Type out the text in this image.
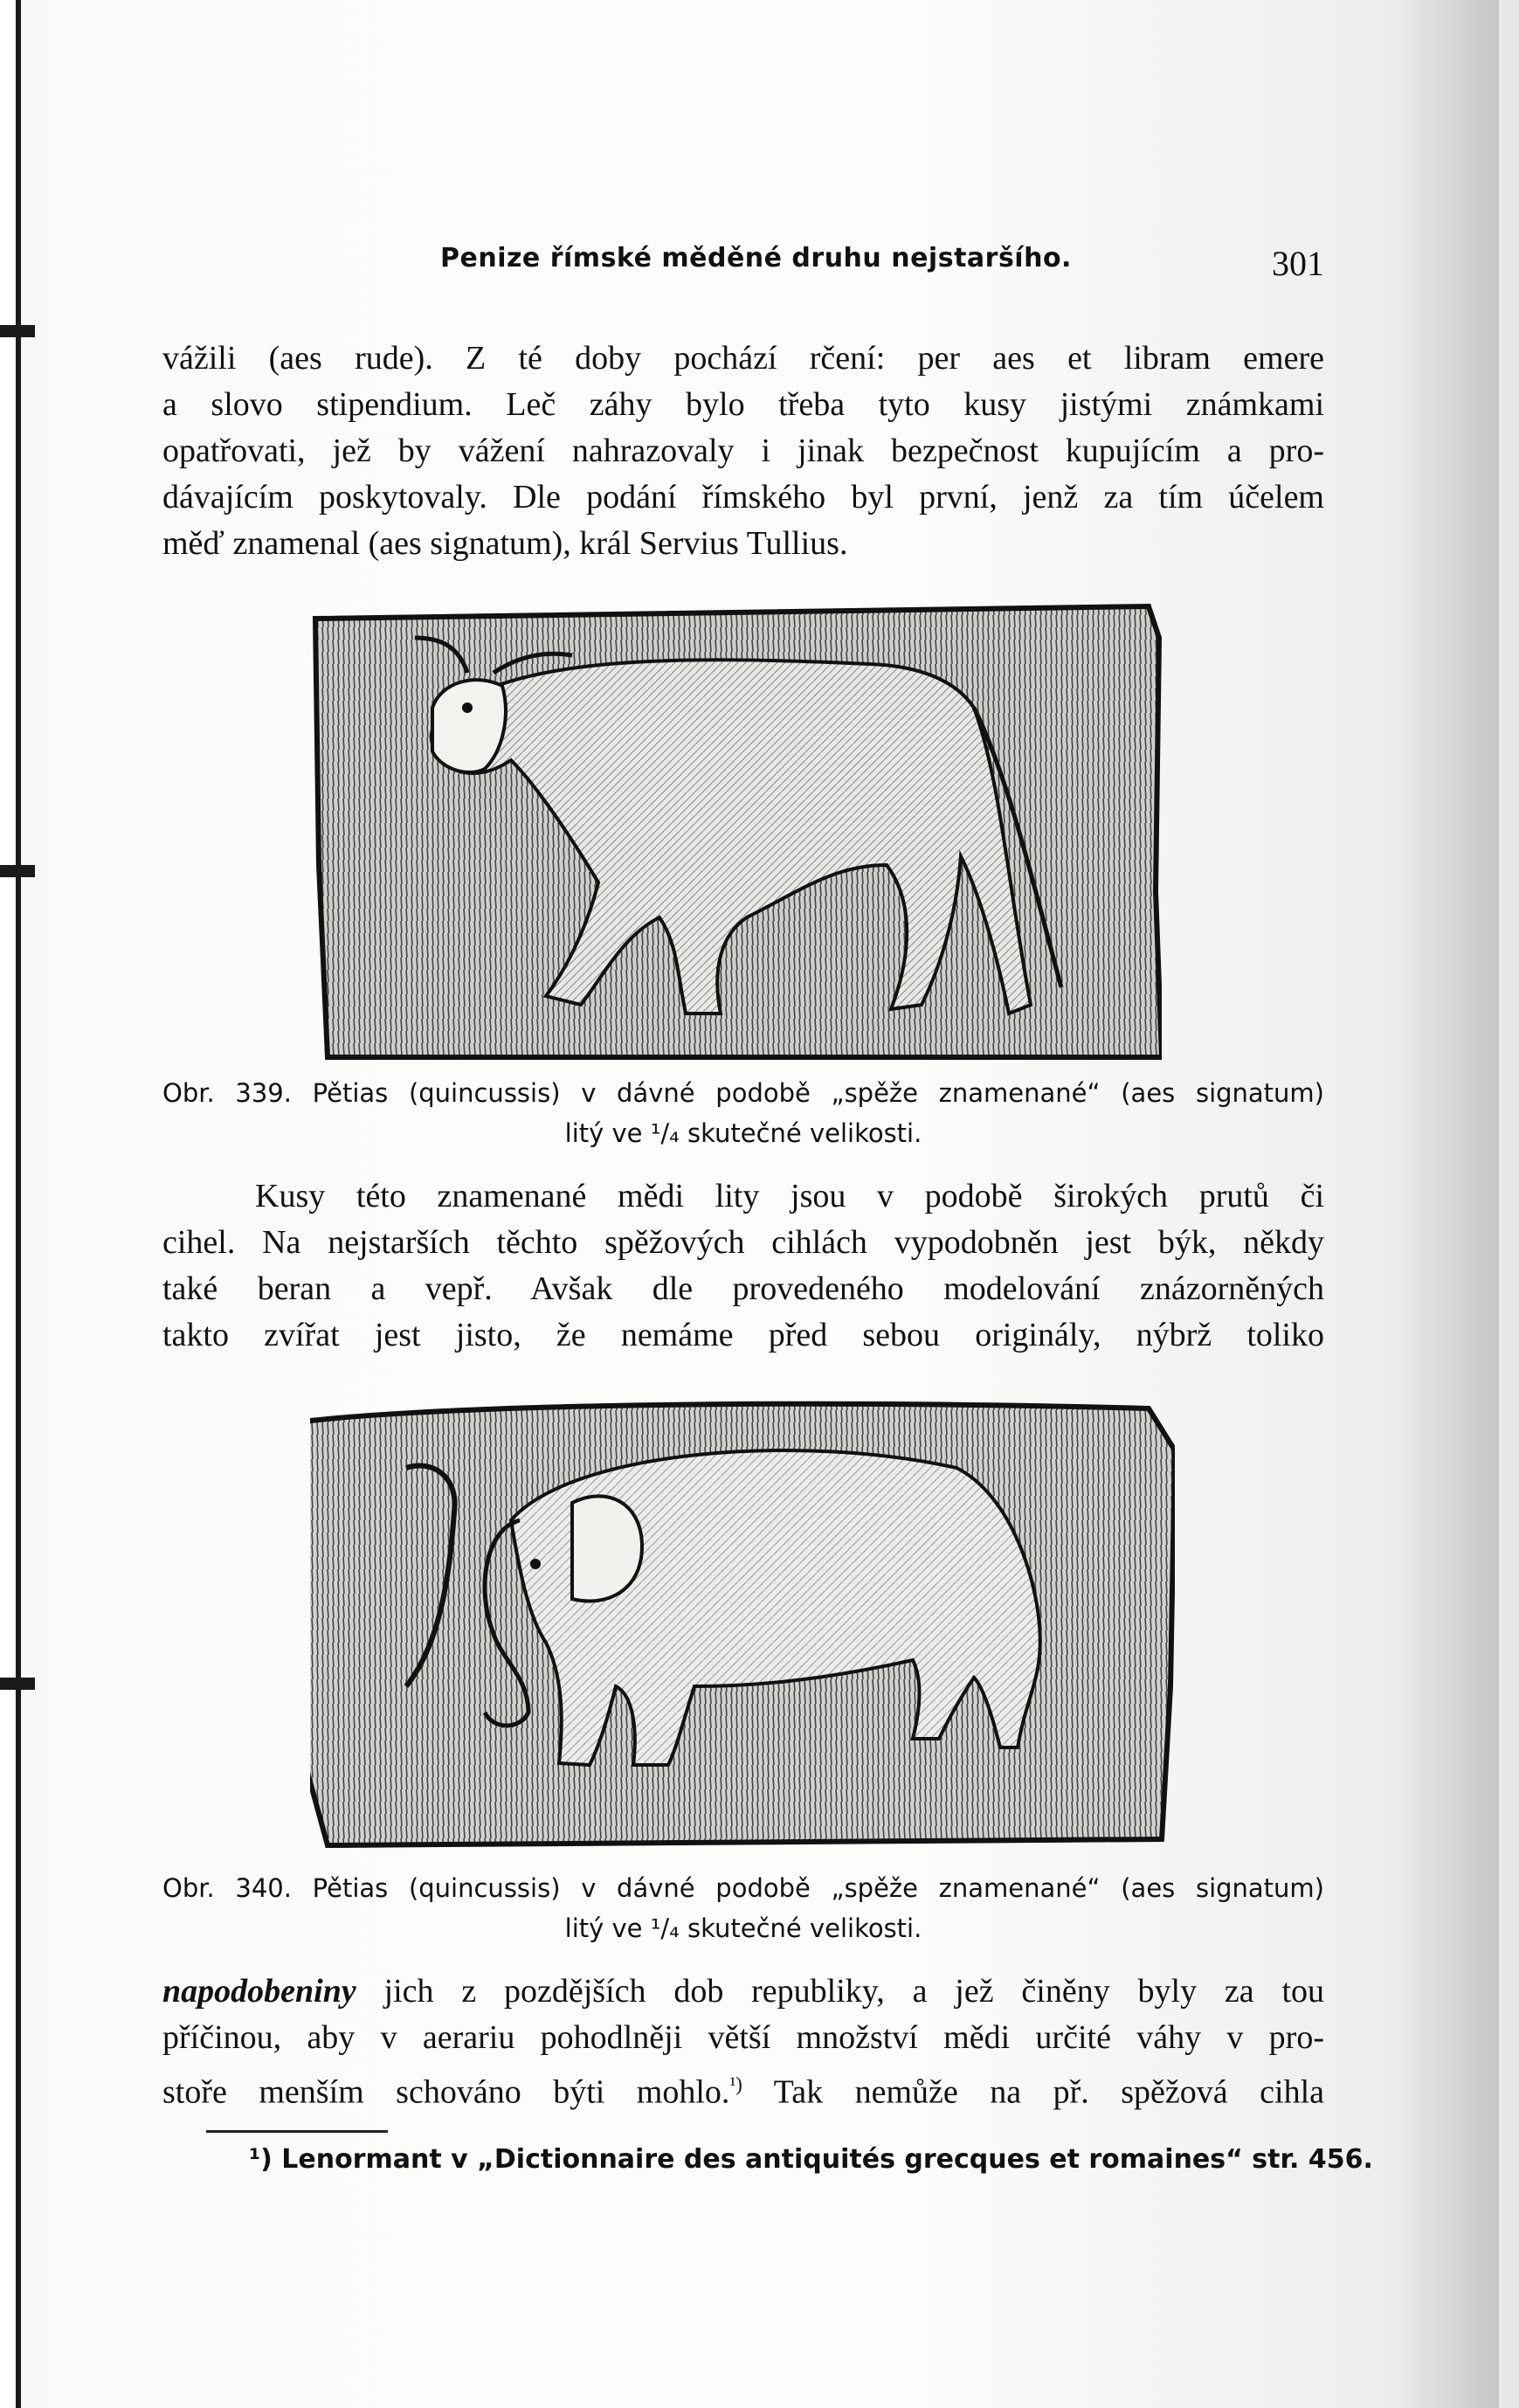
Penize římské měděné druhu nejstaršího.	301
vážili (aes rude). Z té doby pochází rčení: per aes et libram emere
a slovo stipendium. Leč záhy bylo třeba tyto kusy jistými známkami
opatřovati, jež by vážení nahrazovaly i jinak bezpečnost kupujícím a pro-
dávajícím poskytovaly. Dle podání římského byl první, jenž za tím účelem
měď znamenal (aes signatum), král Servius Tullius.
Obr. 339. Pětias (quincussis) v dávné podobě „spěže znamenané“ (aes signatum)
litý ve ¹/₄ skutečné velikosti.
Kusy této znamenané mědi lity jsou v podobě širokých prutů či
cihel. Na nejstarších těchto spěžových cihlách vypodobněn jest býk, někdy
také beran a vepř. Avšak dle provedeného modelování znázorněných
takto zvířat jest jisto, že nemáme před sebou originály, nýbrž toliko
Obr. 340. Pětias (quincussis) v dávné podobě „spěže znamenané“ (aes signatum)
litý ve ¹/₄ skutečné velikosti.
napodobeniny jich z pozdějších dob republiky, a jež činěny byly za tou
příčinou, aby v aerariu pohodlněji větší množství mědi určité váhy v pro-
stoře menším schováno býti mohlo.$^{^1)}$ Tak nemůže na př. spěžová cihla
¹) Lenormant v „Dictionnaire des antiquités grecques et romaines“ str. 456.
